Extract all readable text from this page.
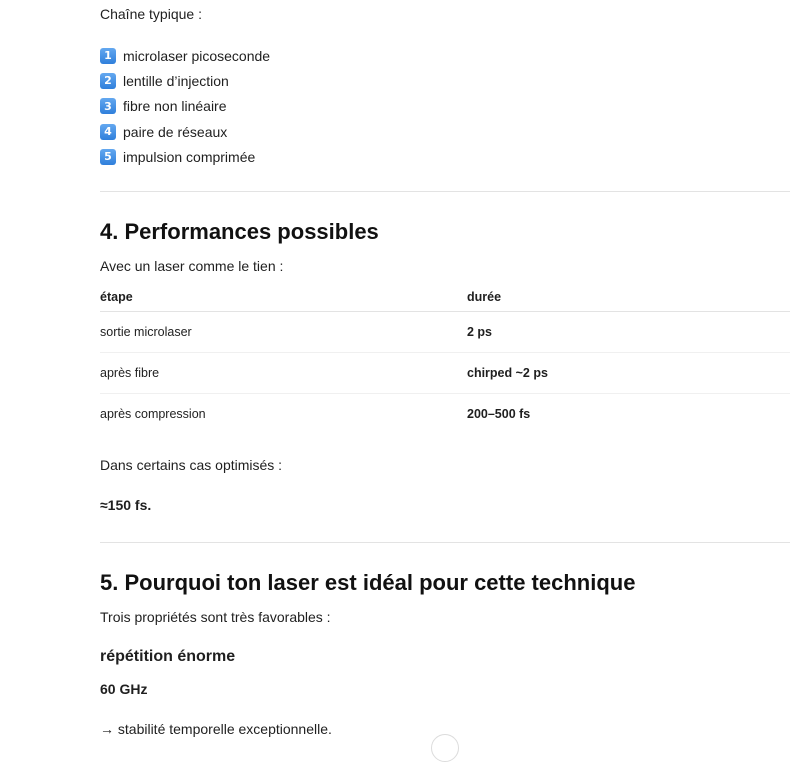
Chaîne typique :

1 microlaser picoseconde
2 lentille d’injection
3 fibre non linéaire
4 paire de réseaux
5 impulsion comprimée
4. Performances possibles

Avec un laser comme le tien :

étape	durée
sortie microlaser	2 ps
après fibre	chirped ~2 ps
après compression	200–500 fs

Dans certains cas optimisés :

≈150 fs.

5. Pourquoi ton laser est idéal pour cette technique

Trois propriétés sont très favorables :

répétition énorme

60 GHz

→ stabilité temporelle exceptionnelle.
